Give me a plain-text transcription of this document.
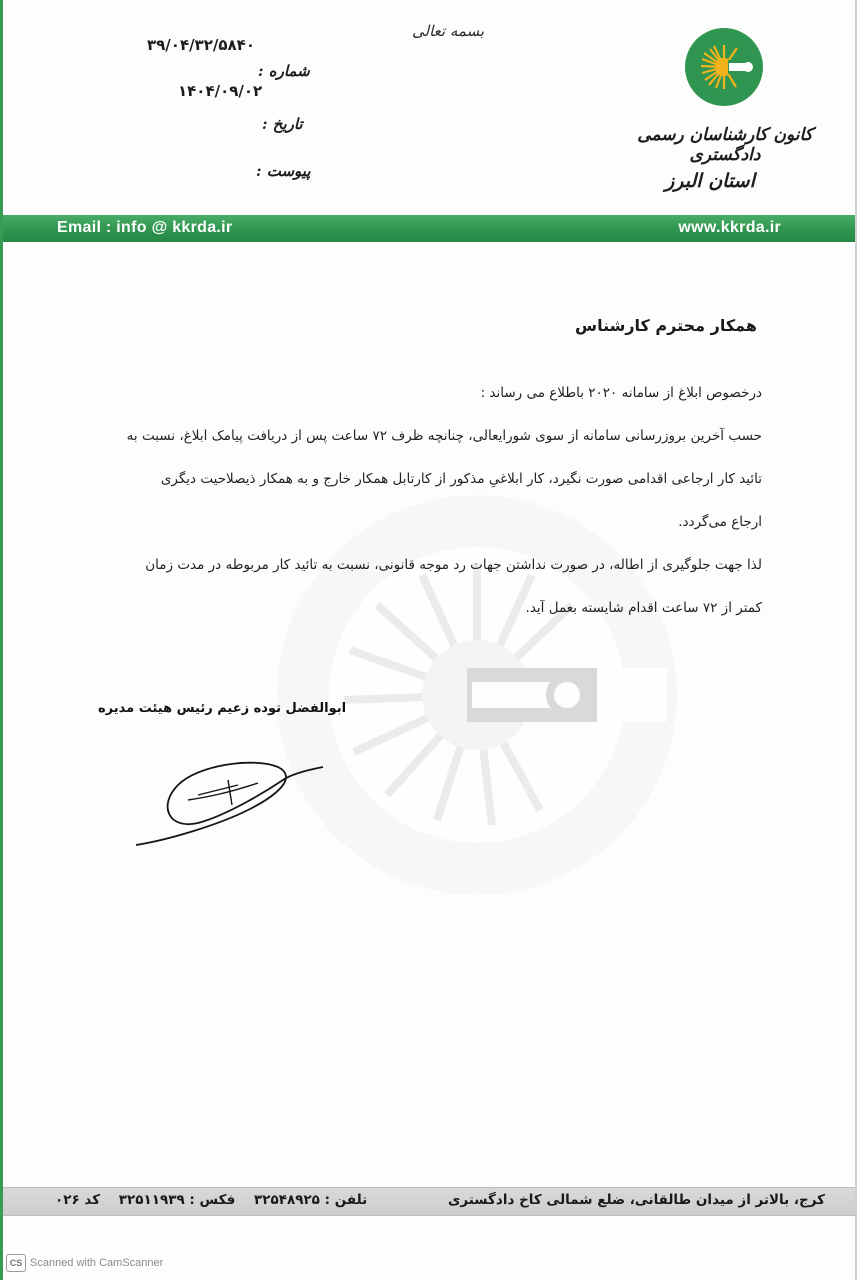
بسمه تعالی
کانون کارشناسان رسمی دادگستری
استان البرز
۳۹/۰۴/۳۲/۵۸۴۰
۱۴۰۴/۰۹/۰۲
شماره :
تاریخ :
پیوست :
Email : info @ kkrda.ir	www.kkrda.ir
همکار محترم کارشناس
درخصوص ابلاغ از سامانه ۲۰۲۰ باطلاع می رساند :
حسب آخرین بروزرسانی سامانه از سوی شورایعالی، چنانچه ظرف ۷۲ ساعت پس از دریافت پیامک ابلاغ، نسبت به
تائید کار ارجاعی اقدامی صورت نگیرد، کار ابلاغیِ مذکور از کارتابل همکار خارج و به همکار ذیصلاحیت دیگری
ارجاع می‌گردد.
لذا جهت جلوگیری از اطاله، در صورت نداشتن جهات رد موجه قانونی، نسبت به تائید کار مربوطه در مدت زمان
کمتر از ۷۲ ساعت اقدام شایسته بعمل آید.
ابوالفضل توده زعیم رئیس هیئت مدیره
کرج، بالاتر از میدان طالقانی، ضلع شمالی کاخ دادگستری
تلفن : ۳۲۵۴۸۹۲۵ فکس : ۳۲۵۱۱۹۳۹ کد ۰۲۶
CS Scanned with CamScanner
